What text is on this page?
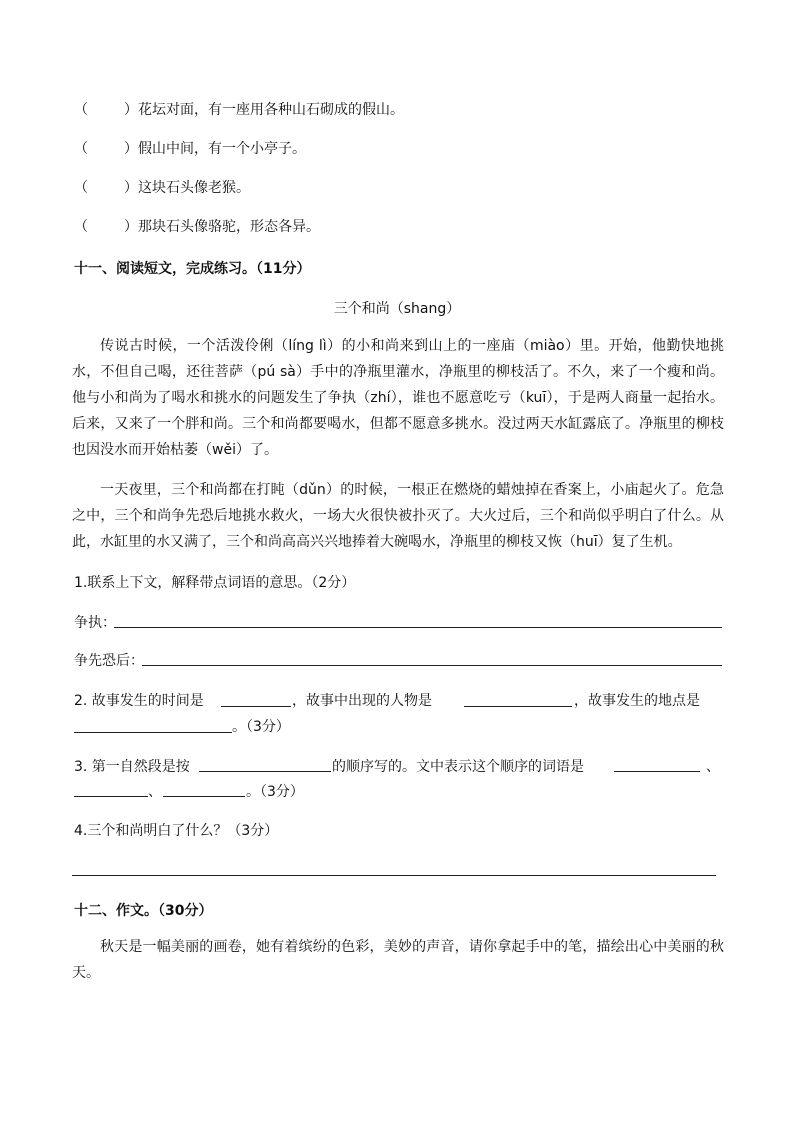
（	）花坛对面，有一座用各种山石砌成的假山。
（	）假山中间，有一个小亭子。
（	）这块石头像老猴。
（	）那块石头像骆驼，形态各异。
十一、阅读短文，完成练习。（11分）
三个和尚（shang）
传说古时候，一个活泼伶俐（líng lì）的小和尚来到山上的一座庙（miào）里。开始，他勤快地挑水，不但自己喝，还往菩萨（pú sà）手中的净瓶里灌水，净瓶里的柳枝活了。不久，来了一个瘦和尚。他与小和尚为了喝水和挑水的问题发生了争执（zhí），谁也不愿意吃亏（kuī），于是两人商量一起抬水。后来，又来了一个胖和尚。三个和尚都要喝水，但都不愿意多挑水。没过两天水缸露底了。净瓶里的柳枝也因没水而开始枯萎（wěi）了。
一天夜里，三个和尚都在打盹（dǔn）的时候，一根正在燃烧的蜡烛掉在香案上，小庙起火了。危急之中，三个和尚争先恐后地挑水救火，一场大火很快被扑灭了。大火过后，三个和尚似乎明白了什么。从此，水缸里的水又满了，三个和尚高高兴兴地捧着大碗喝水，净瓶里的柳枝又恢（huī）复了生机。
1.联系上下文，解释带点词语的意思。（2分）
争执：
争先恐后：
2. 故事发生的时间是	，故事中出现的人物是	，故事发生的地点是
。（3分）
3. 第一自然段是按	的顺序写的。文中表示这个顺序的词语是	、
、	。（3分）
4.三个和尚明白了什么？（3分）
十二、作文。（30分）
秋天是一幅美丽的画卷，她有着缤纷的色彩，美妙的声音，请你拿起手中的笔，描绘出心中美丽的秋天。
